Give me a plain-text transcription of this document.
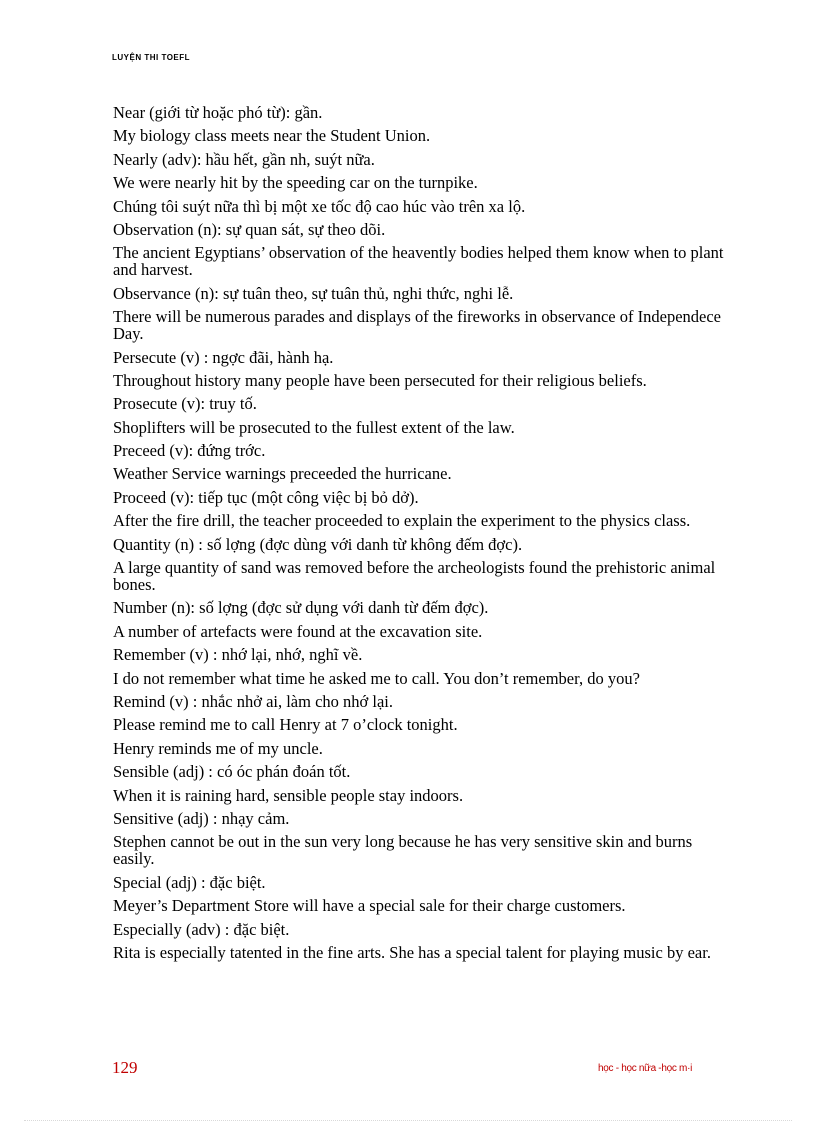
LUYỆN THI TOEFL
Near (giới từ hoặc phó từ): gần.
My biology class meets near the Student Union.
Nearly (adv): hầu hết, gần nh, suýt nữa.
We were nearly hit by the speeding car on the turnpike.
Chúng tôi suýt nữa thì bị một xe tốc độ cao húc vào trên xa lộ.
Observation (n): sự quan sát, sự theo dõi.
The ancient Egyptians’ observation of the heavently bodies helped them know when to plant and harvest.
Observance (n): sự tuân theo, sự tuân thủ, nghi thức, nghi lễ.
There will be numerous parades and displays of the fireworks in observance of Independece Day.
Persecute (v) : ngợc đãi, hành hạ.
Throughout history many people have been persecuted for their religious beliefs.
Prosecute (v): truy tố.
Shoplifters will be prosecuted to the fullest extent of the law.
Preceed (v): đứng trớc.
Weather Service warnings preceeded the hurricane.
Proceed (v): tiếp tục (một công việc bị bỏ dở).
After the fire drill, the teacher proceeded to explain the experiment to the physics class.
Quantity (n) : số lợng (đợc dùng với danh từ không đếm đợc).
A large quantity of sand was removed before the archeologists found the prehistoric animal bones.
Number (n): số lợng (đợc sử dụng với danh từ đếm đợc).
A number of artefacts were found at the excavation site.
Remember (v) : nhớ lại, nhớ, nghĩ về.
I do not remember what time he asked me to call. You don’t remember, do you?
Remind (v) : nhắc nhở ai, làm cho nhớ lại.
Please remind me to call Henry at 7 o’clock tonight.
Henry reminds me of my uncle.
Sensible (adj) : có óc phán đoán tốt.
When it is raining hard, sensible people stay indoors.
Sensitive (adj) : nhạy cảm.
Stephen cannot be out in the sun very long because he has very sensitive skin and burns easily.
Special (adj) : đặc biệt.
Meyer’s Department Store will have a special sale for their charge customers.
Especially (adv) : đặc biệt.
Rita is especially tatented in the fine arts. She has a special talent for playing music by ear.
129	học - học nữa -học m·i
